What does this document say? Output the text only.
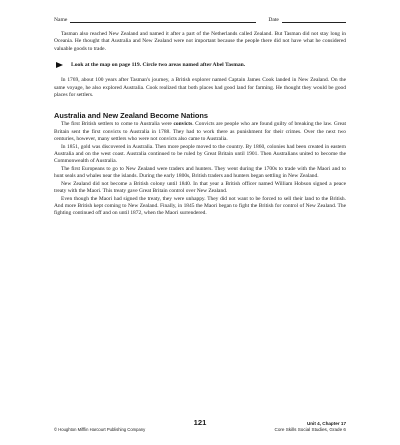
Name	Date

Tasman also reached New Zealand and named it after a part of the Netherlands called Zealand. But Tasman did not stay long in Oceania. He thought that Australia and New Zealand were not important because the people there did not have what he considered valuable goods to trade.

Look at the map on page 119. Circle two areas named after Abel Tasman.

In 1769, about 100 years after Tasman's journey, a British explorer named Captain James Cook landed in New Zealand. On the same voyage, he also explored Australia. Cook realized that both places had good land for farming. He thought they would be good places for settlers.

Australia and New Zealand Become Nations

The first British settlers to come to Australia were convicts. Convicts are people who are found guilty of breaking the law. Great Britain sent the first convicts to Australia in 1788. They had to work there as punishment for their crimes. Over the next two centuries, however, many settlers who were not convicts also came to Australia.

In 1851, gold was discovered in Australia. Then more people moved to the country. By 1860, colonies had been created in eastern Australia and on the west coast. Australia continued to be ruled by Great Britain until 1901. Then Australians united to become the Commonwealth of Australia.

The first Europeans to go to New Zealand were traders and hunters. They went during the 1700s to trade with the Maori and to hunt seals and whales near the islands. During the early 1800s, British traders and hunters began settling in New Zealand.

New Zealand did not become a British colony until 1840. In that year a British officer named William Hobson signed a peace treaty with the Maori. This treaty gave Great Britain control over New Zealand.

Even though the Maori had signed the treaty, they were unhappy. They did not want to be forced to sell their land to the British. And more British kept coming to New Zealand. Finally, in 1845 the Maori began to fight the British for control of New Zealand. The fighting continued off and on until 1872, when the Maori surrendered.

121
© Houghton Mifflin Harcourt Publishing Company
Unit 4, Chapter 17
Core Skills Social Studies, Grade 6
